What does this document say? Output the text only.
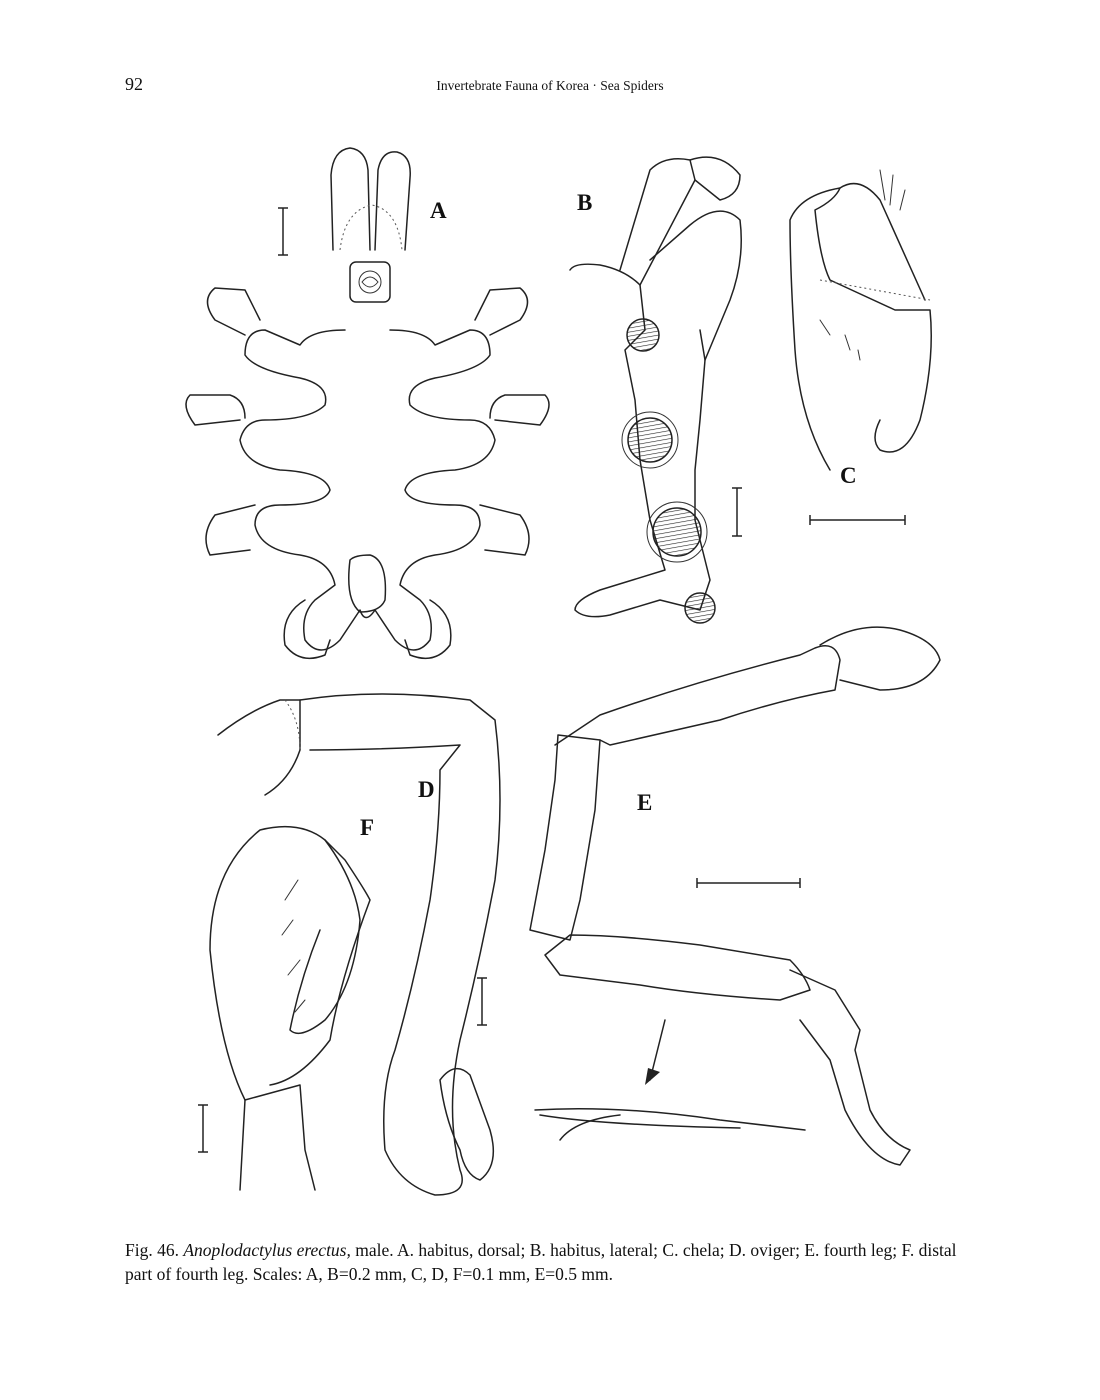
92	Invertebrate Fauna of Korea · Sea Spiders
A	B
C
D
E
F
Fig. 46. Anoplodactylus erectus, male. A. habitus, dorsal; B. habitus, lateral; C. chela; D. oviger; E. fourth leg; F. distal part of fourth leg. Scales: A, B=0.2 mm, C, D, F=0.1 mm, E=0.5 mm.
